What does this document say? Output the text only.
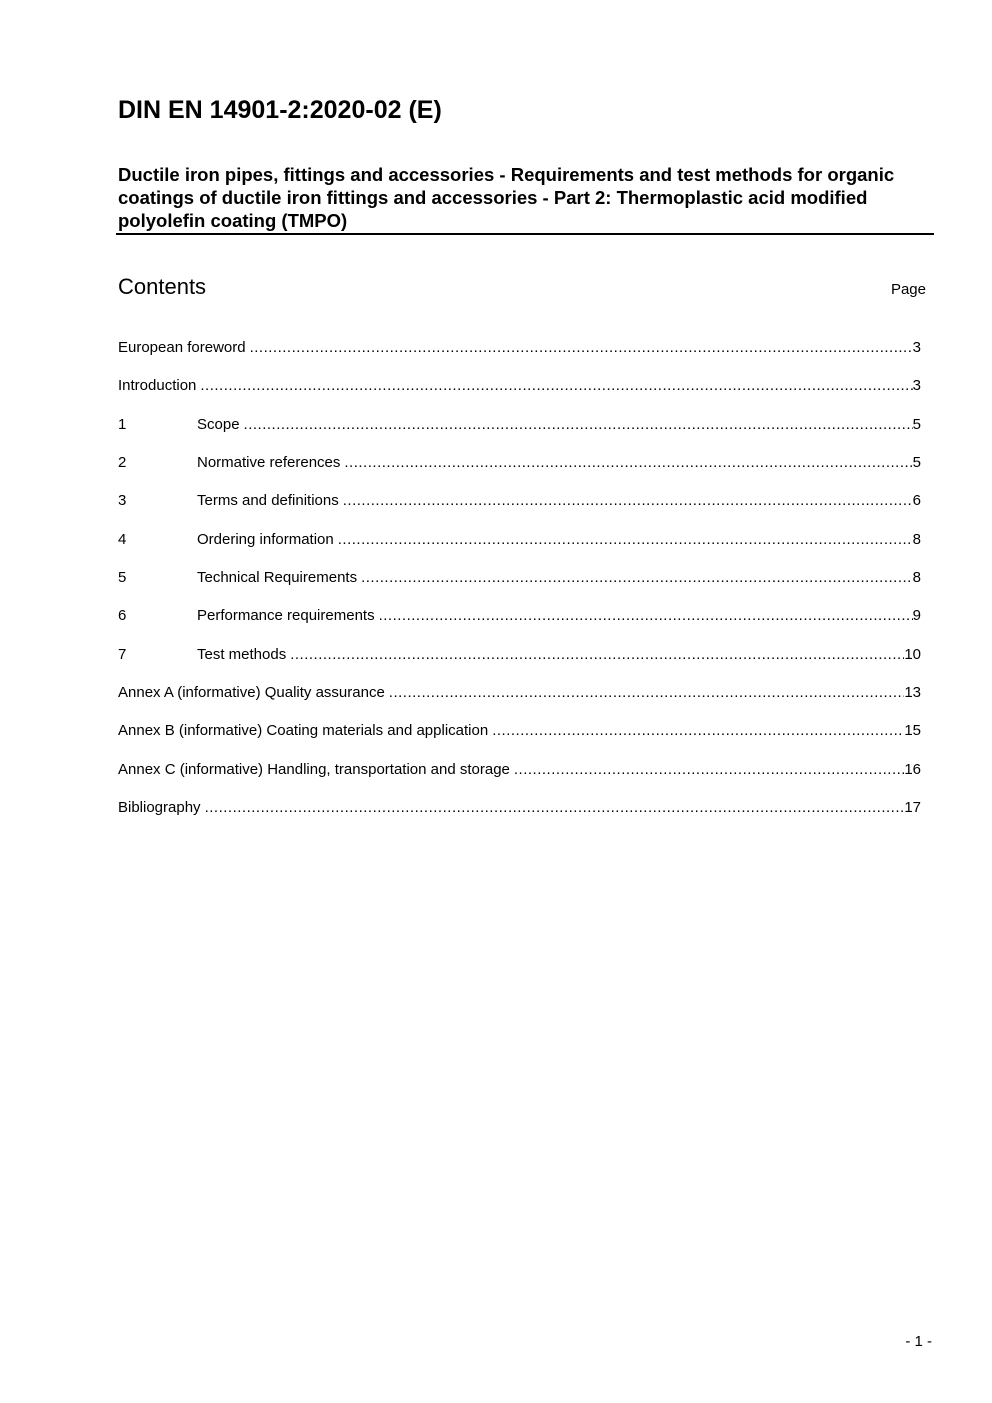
DIN EN 14901-2:2020-02 (E)
Ductile iron pipes, fittings and accessories - Requirements and test methods for organic coatings of ductile iron fittings and accessories - Part 2: Thermoplastic acid modified polyolefin coating (TMPO)
Contents	Page
European foreword .....	3
Introduction .....	3
1	Scope .....	5
2	Normative references .....	5
3	Terms and definitions .....	6
4	Ordering information .....	8
5	Technical Requirements .....	8
6	Performance requirements .....	9
7	Test methods .....	10
Annex A (informative) Quality assurance .....	13
Annex B (informative) Coating materials and application .....	15
Annex C (informative) Handling, transportation and storage .....	16
Bibliography .....	17
- 1 -
